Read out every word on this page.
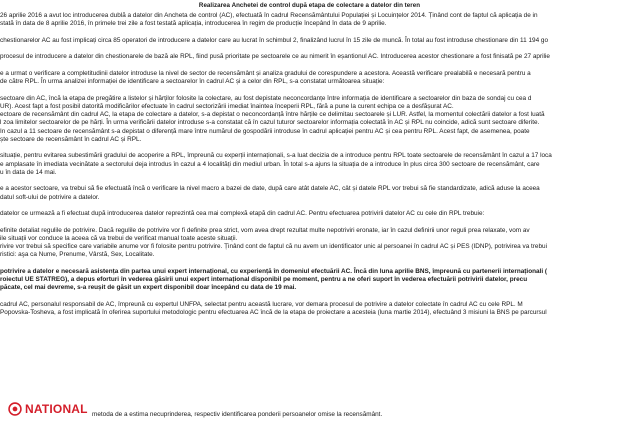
Realizarea Anchetei de control după etapa de colectare a datelor din teren
26 aprilie 2016 a avut loc introducerea dublă a datelor din Ancheta de control (AC), efectuată în cadrul Recensământului Populației și Locuințelor 2014. Ținând cont de faptul că aplicația de in
stată în data de 8 aprilie 2016, în primele trei zile a fost testată aplicația, introducerea în regim de producție începând în data de 9 aprilie.
chestionarelor AC au fost implicați circa 85 operatori de introducere a datelor care au lucrat în schimbul 2, finalizând lucrul în 15 zile de muncă. În total au fost introduse chestionare din 11 194 go
procesul de introducere a datelor din chestionarele de bază ale RPL, fiind pusă prioritate pe sectoarele ce au nimerit în eșantionul AC. Introducerea acestor chestionare a fost finisată pe 27 aprilie
e a urmat o verificare a completitudinii datelor introduse la nivel de sector de recensământ și analiza gradului de corespundere a acestora. Această verificare prealabilă e necesară pentru a
de către RPL. În urma analizei informației de identificare a sectoarelor în cadrul AC și a celor din RPL, s-a constatat următoarea situație:
sectoare din AC, încă la etapa de pregătire a listelor și hărților folosite la colectare, au fost depistate neconcordanțe între informația de identificare a sectoarelor din baza de sondaj cu cea d
UR). Acest fapt a fost posibil datorită modificărilor efectuate în cadrul sectorizării imediat înaintea începerii RPL, fără a pune la curent echipa ce a desfășurat AC.
ectoare de recensământ din cadrul AC, la etapa de colectare a datelor, s-a depistat o neconcordanță între hărțile ce delimitau sectoarele și LUR. Astfel, la momentul colectării datelor a fost luată
l zoa limitelor sectoarelor de pe hărți. În urma verificării datelor introduse s-a constatat că în cazul tuturor sectoarelor informația colectată în AC și RPL nu coincide, adică sunt sectoare diferite.
In cazul a 11 sectoare de recensământ s-a depistat o diferență mare între numărul de gospodării introduse în cadrul aplicației pentru AC și cea pentru RPL. Acest fapt, de asemenea, poate
ște sectoare de recensământ în cadrul AC și RPL.
situație, pentru evitarea subestimării gradului de acoperire a RPL, împreună cu experții internaționali, s-a luat decizia de a introduce pentru RPL toate sectoarele de recensământ în cazul a 17 loca
e amplasate în imediata vecinătate a sectorului deja introdus în cazul a 4 localități din mediul urban. În total s-a ajuns la situația de a introduce în plus circa 300 sectoare de recensământ, care
u în data de 14 mai.
e a acestor sectoare, va trebui să fie efectuată încă o verificare la nivel macro a bazei de date, după care atât datele AC, cât și datele RPL vor trebui să fie standardizate, adică aduse la aceea
datul soft-ului de potrivire a datelor.
datelor ce urmează a fi efectuat după introducerea datelor reprezintă cea mai complexă etapă din cadrul AC. Pentru efectuarea potrivirii datelor AC cu cele din RPL trebuie:
efinite detaliat regulile de potrivire. Dacă regulile de potrivire vor fi definite prea strict, vom avea drept rezultat multe nepotriviri eronate, iar în cazul definirii unor reguli prea relaxate, vom av
ile situații vor conduce la aceea că va trebui de verificat manual toate aceste situații.
rivire vor trebui să specifice care variabile anume vor fi folosite pentru potrivire. Ținând cont de faptul că nu avem un identificator unic al persoanei în cadrul AC și PES (IDNP), potrivirea va trebui
ristici: aşa ca Nume, Prenume, Vârstă, Sex, Localitate.
potrivire a datelor e necesară asistența din partea unui expert internațional, cu experiență în domeniul efectuării AC. Încă din luna aprilie BNS, împreună cu partenerii internaționali (
roiectul UE STATREG), a depus eforturi în vederea găsirii unui expert internațional disponibil pe moment, pentru a ne oferi suport în vederea efectuării potrivirii datelor, precu
păcate, cel mai devreme, s-a reușit de găsit un expert disponibil doar începând cu data de 19 mai.
cadrul AC, personalul responsabil de AC, împreună cu expertul UNFPA, selectat pentru această lucrare, vor demara procesul de potrivire a datelor colectate în cadrul AC cu cele RPL. M
Popovska-Tosheva, a fost implicată în oferirea suportului metodologic pentru efectuarea AC încă de la etapa de proiectare a acesteia (luna martie 2014), efectuând 3 misiuni la BNS pe parcursul
metoda de a estima necuprinderea, respectiv identificarea ponderii persoanelor omise la recensământ.
NATIONAL
